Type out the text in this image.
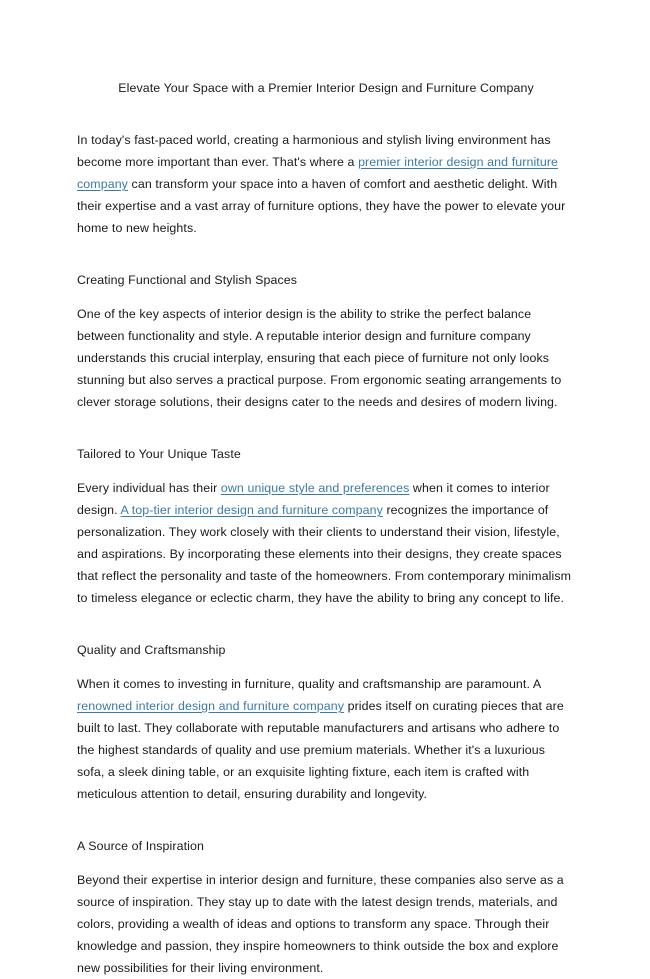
Elevate Your Space with a Premier Interior Design and Furniture Company

In today's fast-paced world, creating a harmonious and stylish living environment has become more important than ever. That's where a premier interior design and furniture company can transform your space into a haven of comfort and aesthetic delight. With their expertise and a vast array of furniture options, they have the power to elevate your home to new heights.

Creating Functional and Stylish Spaces

One of the key aspects of interior design is the ability to strike the perfect balance between functionality and style. A reputable interior design and furniture company understands this crucial interplay, ensuring that each piece of furniture not only looks stunning but also serves a practical purpose. From ergonomic seating arrangements to clever storage solutions, their designs cater to the needs and desires of modern living.

Tailored to Your Unique Taste

Every individual has their own unique style and preferences when it comes to interior design. A top-tier interior design and furniture company recognizes the importance of personalization. They work closely with their clients to understand their vision, lifestyle, and aspirations. By incorporating these elements into their designs, they create spaces that reflect the personality and taste of the homeowners. From contemporary minimalism to timeless elegance or eclectic charm, they have the ability to bring any concept to life.

Quality and Craftsmanship

When it comes to investing in furniture, quality and craftsmanship are paramount. A renowned interior design and furniture company prides itself on curating pieces that are built to last. They collaborate with reputable manufacturers and artisans who adhere to the highest standards of quality and use premium materials. Whether it's a luxurious sofa, a sleek dining table, or an exquisite lighting fixture, each item is crafted with meticulous attention to detail, ensuring durability and longevity.

A Source of Inspiration

Beyond their expertise in interior design and furniture, these companies also serve as a source of inspiration. They stay up to date with the latest design trends, materials, and colors, providing a wealth of ideas and options to transform any space. Through their knowledge and passion, they inspire homeowners to think outside the box and explore new possibilities for their living environment.
